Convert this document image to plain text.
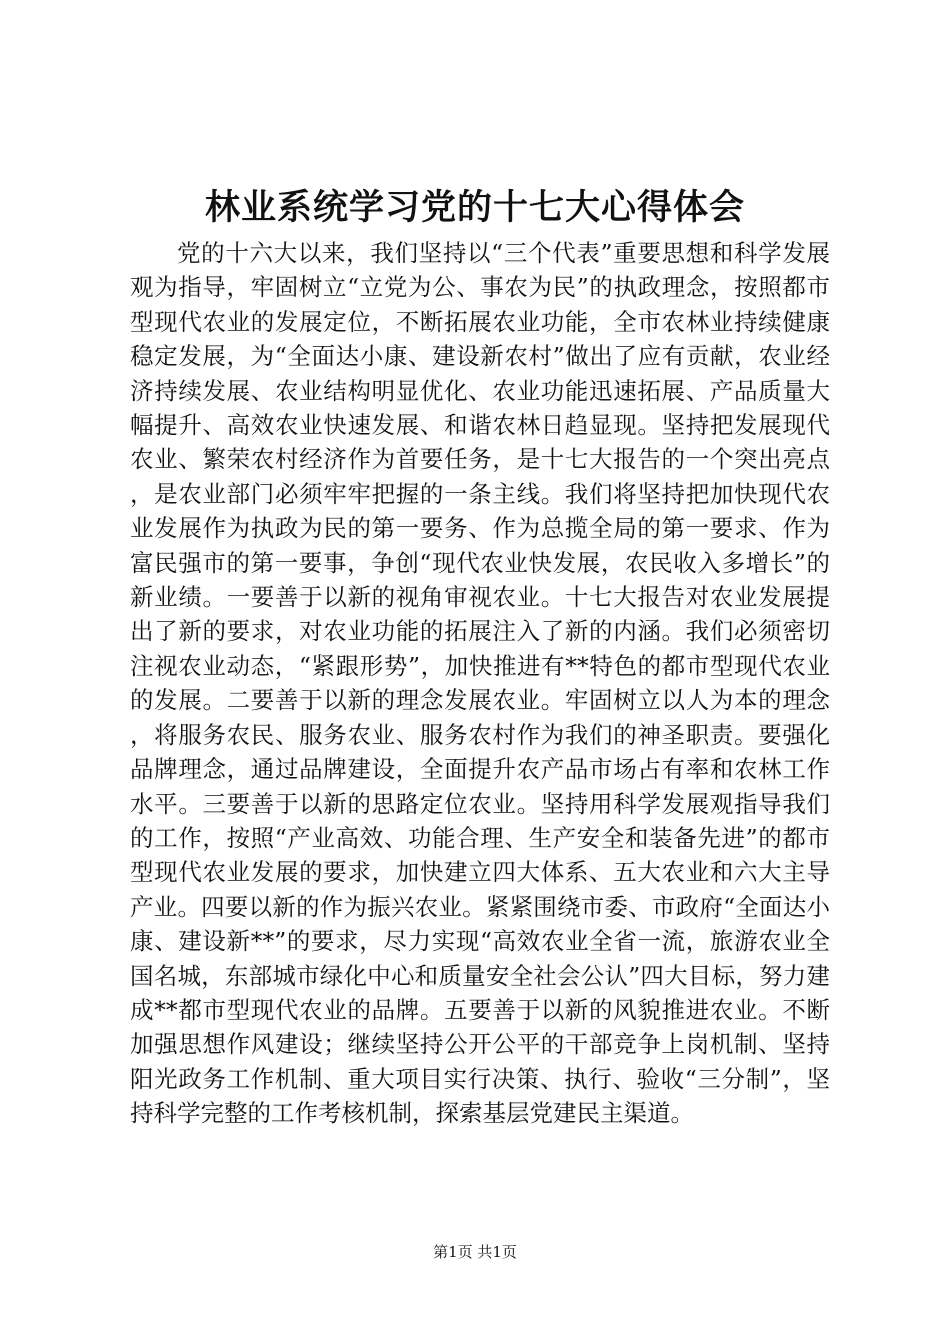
林业系统学习党的十七大心得体会

党的十六大以来，我们坚持以“三个代表”重要思想和科学发展观为指导，牢固树立“立党为公、事农为民”的执政理念，按照都市型现代农业的发展定位，不断拓展农业功能，全市农林业持续健康稳定发展，为“全面达小康、建设新农村”做出了应有贡献，农业经济持续发展、农业结构明显优化、农业功能迅速拓展、产品质量大幅提升、高效农业快速发展、和谐农林日趋显现。坚持把发展现代农业、繁荣农村经济作为首要任务，是十七大报告的一个突出亮点，是农业部门必须牢牢把握的一条主线。我们将坚持把加快现代农业发展作为执政为民的第一要务、作为总揽全局的第一要求、作为富民强市的第一要事，争创“现代农业快发展，农民收入多增长”的新业绩。一要善于以新的视角审视农业。十七大报告对农业发展提出了新的要求，对农业功能的拓展注入了新的内涵。我们必须密切注视农业动态，“紧跟形势”，加快推进有**特色的都市型现代农业的发展。二要善于以新的理念发展农业。牢固树立以人为本的理念，将服务农民、服务农业、服务农村作为我们的神圣职责。要强化品牌理念，通过品牌建设，全面提升农产品市场占有率和农林工作水平。三要善于以新的思路定位农业。坚持用科学发展观指导我们的工作，按照“产业高效、功能合理、生产安全和装备先进”的都市型现代农业发展的要求，加快建立四大体系、五大农业和六大主导产业。四要以新的作为振兴农业。紧紧围绕市委、市政府“全面达小康、建设新**”的要求，尽力实现“高效农业全省一流，旅游农业全国名城，东部城市绿化中心和质量安全社会公认”四大目标，努力建成**都市型现代农业的品牌。五要善于以新的风貌推进农业。不断加强思想作风建设；继续坚持公开公平的干部竞争上岗机制、坚持阳光政务工作机制、重大项目实行决策、执行、验收“三分制”，坚持科学完整的工作考核机制，探索基层党建民主渠道。

第1页 共1页
